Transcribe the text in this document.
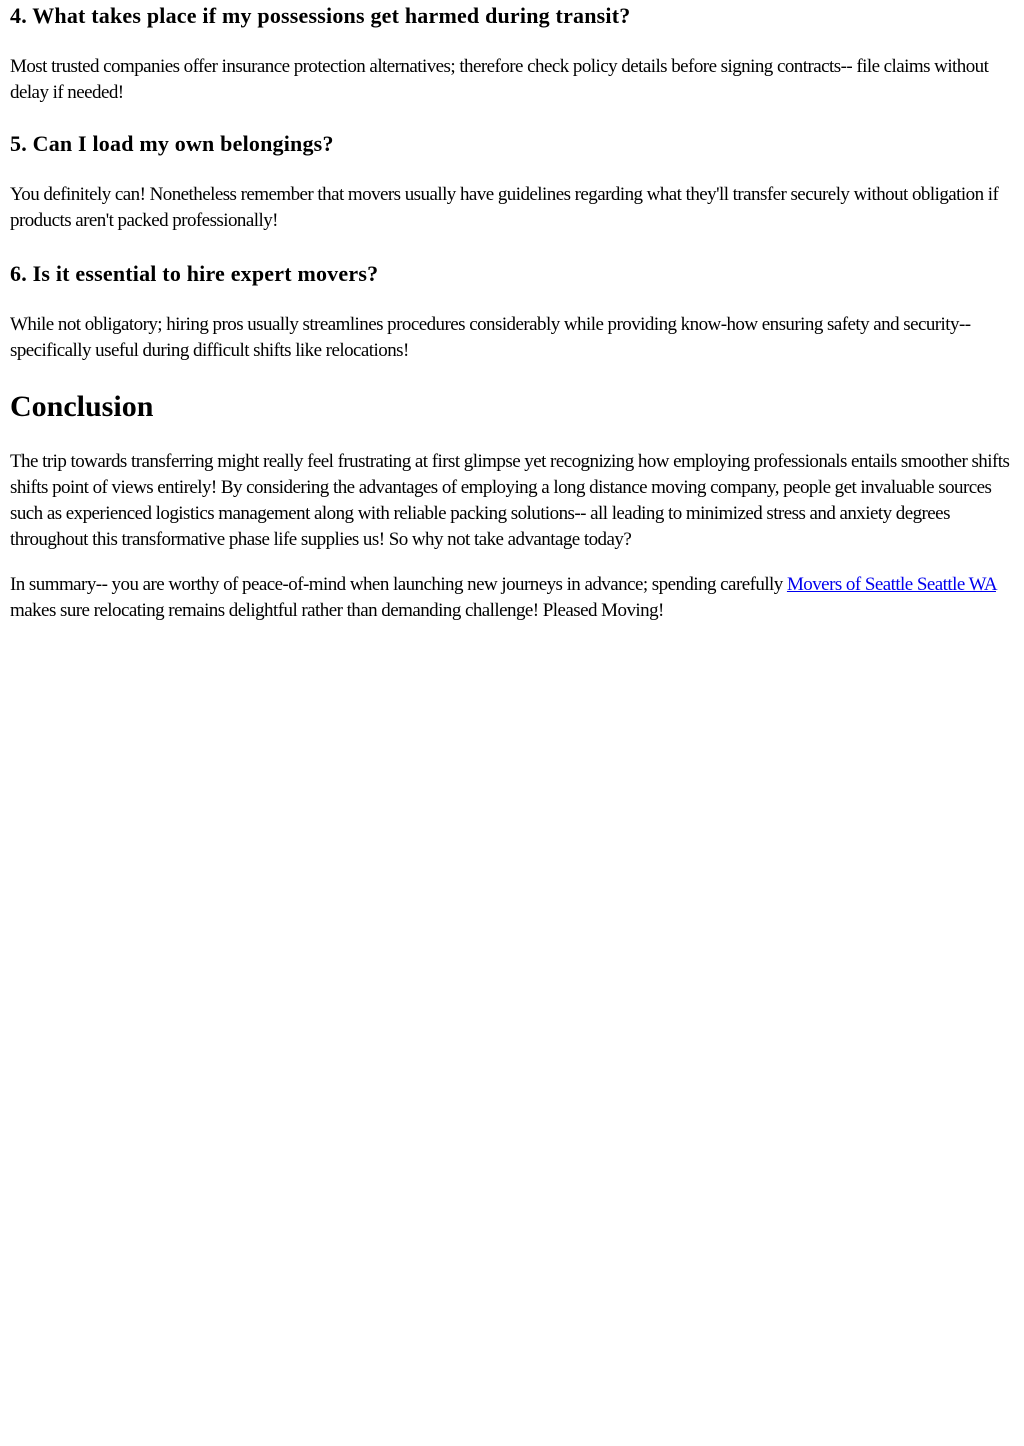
4. What takes place if my possessions get harmed during transit?

Most trusted companies offer insurance protection alternatives; therefore check policy details before signing contracts-- file claims without delay if needed!

5. Can I load my own belongings?

You definitely can! Nonetheless remember that movers usually have guidelines regarding what they'll transfer securely without obligation if products aren't packed professionally!

6. Is it essential to hire expert movers?

While not obligatory; hiring pros usually streamlines procedures considerably while providing know-how ensuring safety and security-- specifically useful during difficult shifts like relocations!

Conclusion

The trip towards transferring might really feel frustrating at first glimpse yet recognizing how employing professionals entails smoother shifts shifts point of views entirely! By considering the advantages of employing a long distance moving company, people get invaluable sources such as experienced logistics management along with reliable packing solutions-- all leading to minimized stress and anxiety degrees throughout this transformative phase life supplies us! So why not take advantage today?

In summary-- you are worthy of peace-of-mind when launching new journeys in advance; spending carefully Movers of Seattle Seattle WA makes sure relocating remains delightful rather than demanding challenge! Pleased Moving!
